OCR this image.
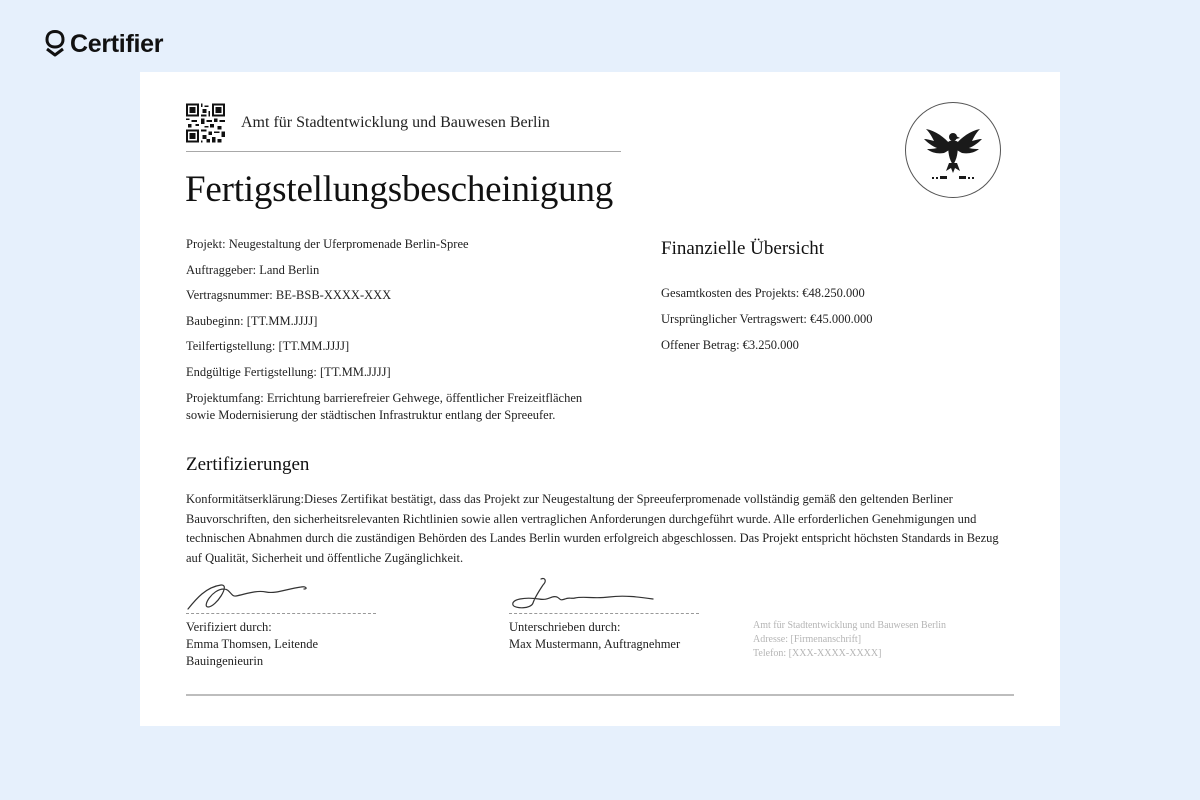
Certifier
Amt für Stadtentwicklung und Bauwesen Berlin
Fertigstellungsbescheinigung
Projekt: Neugestaltung der Uferpromenade Berlin-Spree
Auftraggeber: Land Berlin
Vertragsnummer: BE-BSB-XXXX-XXX
Baubeginn: [TT.MM.JJJJ]
Teilfertigstellung: [TT.MM.JJJJ]
Endgültige Fertigstellung: [TT.MM.JJJJ]
Projektumfang: Errichtung barrierefreier Gehwege, öffentlicher Freizeitflächen sowie Modernisierung der städtischen Infrastruktur entlang der Spreeufer.
Finanzielle Übersicht
Gesamtkosten des Projekts: €48.250.000
Ursprünglicher Vertragswert: €45.000.000
Offener Betrag: €3.250.000
Zertifizierungen

Konformitätserklärung:Dieses Zertifikat bestätigt, dass das Projekt zur Neugestaltung der Spreeuferpromenade vollständig gemäß den geltenden Berliner Bauvorschriften, den sicherheitsrelevanten Richtlinien sowie allen vertraglichen Anforderungen durchgeführt wurde. Alle erforderlichen Genehmigungen und technischen Abnahmen durch die zuständigen Behörden des Landes Berlin wurden erfolgreich abgeschlossen. Das Projekt entspricht höchsten Standards in Bezug auf Qualität, Sicherheit und öffentliche Zugänglichkeit.

Verifiziert durch:
Emma Thomsen, Leitende Bauingenieurin
Unterschrieben durch:
Max Mustermann, Auftragnehmer
Amt für Stadtentwicklung und Bauwesen Berlin
Adresse: [Firmenanschrift]
Telefon: [XXX-XXXX-XXXX]
